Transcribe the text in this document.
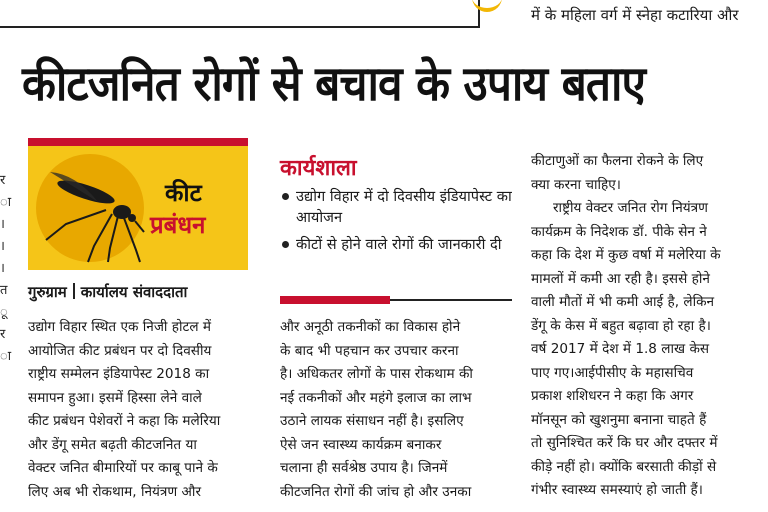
में के महिला वर्ग में स्नेहा कटारिया और
कीटजनित रोगों से बचाव के उपाय बताए
र
ा
।
।
।
त
ू
र
ा
कीट
प्रबंधन
गुरुग्राम कार्यालय संवाददाता
उद्योग विहार स्थित एक निजी होटल में
आयोजित कीट प्रबंधन पर दो दिवसीय
राष्ट्रीय सम्मेलन इंडियापेस्ट 2018 का
समापन हुआ। इसमें हिस्सा लेने वाले
कीट प्रबंधन पेशेवरों ने कहा कि मलेरिया
और डेंगू समेत बढ़ती कीटजनित या
वेक्टर जनित बीमारियों पर काबू पाने के
लिए अब भी रोकथाम, नियंत्रण और
कार्यशाला
उद्योग विहार में दो दिवसीय इंडियापेस्ट का आयोजन
कीटों से होने वाले रोगों की जानकारी दी
और अनूठी तकनीकों का विकास होने
के बाद भी पहचान कर उपचार करना
है। अधिकतर लोगों के पास रोकथाम की
नई तकनीकों और महंगे इलाज का लाभ
उठाने लायक संसाधन नहीं है। इसलिए
ऐसे जन स्वास्थ्य कार्यक्रम बनाकर
चलाना ही सर्वश्रेष्ठ उपाय है। जिनमें
कीटजनित रोगों की जांच हो और उनका
कीटाणुओं का फैलना रोकने के लिए
क्या करना चाहिए।
राष्ट्रीय वेक्टर जनित रोग नियंत्रण
कार्यक्रम के निदेशक डॉ. पीके सेन ने
कहा कि देश में कुछ वर्षा में मलेरिया के
मामलों में कमी आ रही है। इससे होने
वाली मौतों में भी कमी आई है, लेकिन
डेंगू के केस में बहुत बढ़ावा हो रहा है।
वर्ष 2017 में देश में 1.8 लाख केस
पाए गए।आईपीसीए के महासचिव
प्रकाश शशिधरन ने कहा कि अगर
मॉनसून को खुशनुमा बनाना चाहते हैं
तो सुनिश्चित करें कि घर और दफ्तर में
कीड़े नहीं हो। क्योंकि बरसाती कीड़ों से
गंभीर स्वास्थ्य समस्याएं हो जाती हैं।
